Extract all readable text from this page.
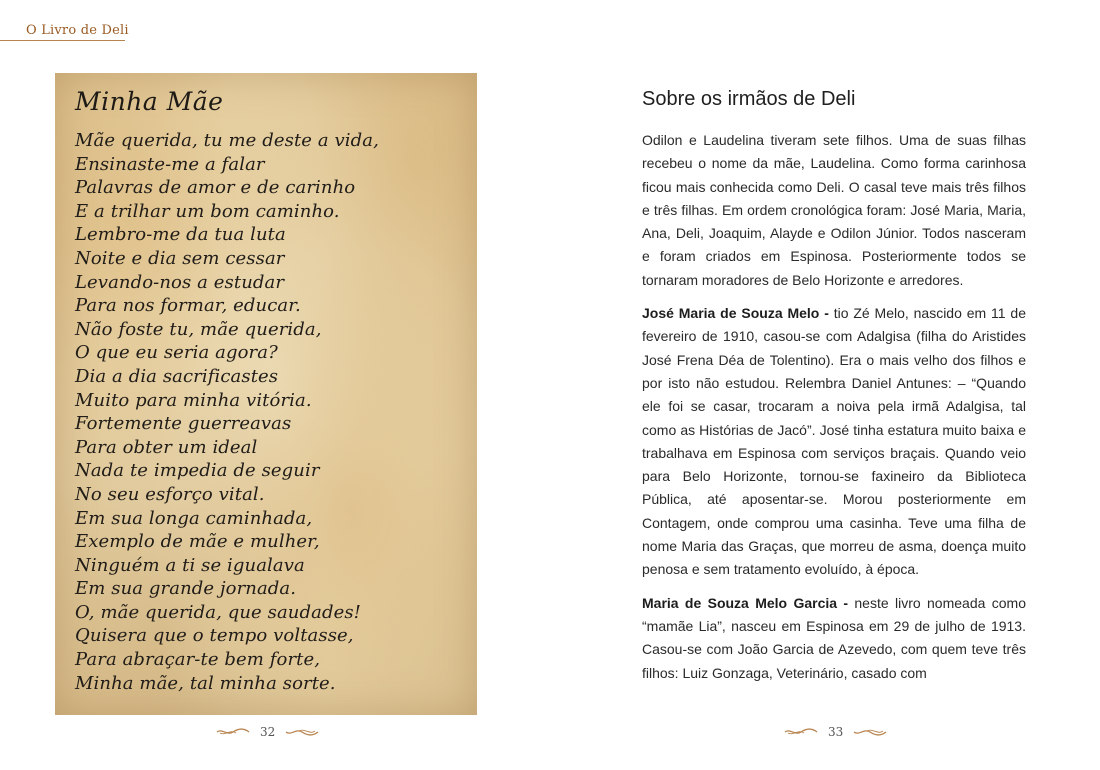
O Livro de Deli
Minha Mãe
Mãe querida, tu me deste a vida,
Ensinaste-me a falar
Palavras de amor e de carinho
E a trilhar um bom caminho.
Lembro-me da tua luta
Noite e dia sem cessar
Levando-nos a estudar
Para nos formar, educar.
Não foste tu, mãe querida,
O que eu seria agora?
Dia a dia sacrificastes
Muito para minha vitória.
Fortemente guerreavas
Para obter um ideal
Nada te impedia de seguir
No seu esforço vital.
Em sua longa caminhada,
Exemplo de mãe e mulher,
Ninguém a ti se igualava
Em sua grande jornada.
O, mãe querida, que saudades!
Quisera que o tempo voltasse,
Para abraçar-te bem forte,
Minha mãe, tal minha sorte.
32
Sobre os irmãos de Deli

Odilon e Laudelina tiveram sete filhos. Uma de suas filhas recebeu o nome da mãe, Laudelina. Como forma carinhosa ficou mais conhecida como Deli. O casal teve mais três filhos e três filhas. Em ordem cronológica foram: José Maria, Maria, Ana, Deli, Joaquim, Alayde e Odilon Júnior. Todos nasceram e foram criados em Espinosa. Posteriormente todos se tornaram moradores de Belo Horizonte e arredores.

José Maria de Souza Melo - tio Zé Melo, nascido em 11 de fevereiro de 1910, casou-se com Adalgisa (filha do Aristides José Frena Déa de Tolentino). Era o mais velho dos filhos e por isto não estudou. Relembra Daniel Antunes: – “Quando ele foi se casar, trocaram a noiva pela irmã Adalgisa, tal como as Histórias de Jacó”. José tinha estatura muito baixa e trabalhava em Espinosa com serviços braçais. Quando veio para Belo Horizonte, tornou-se faxineiro da Biblioteca Pública, até aposentar-se. Morou posteriormente em Contagem, onde comprou uma casinha. Teve uma filha de nome Maria das Graças, que morreu de asma, doença muito penosa e sem tratamento evoluído, à época.

Maria de Souza Melo Garcia - neste livro nomeada como “mamãe Lia”, nasceu em Espinosa em 29 de julho de 1913. Casou-se com João Garcia de Azevedo, com quem teve três filhos: Luiz Gonzaga, Veterinário, casado com

33
